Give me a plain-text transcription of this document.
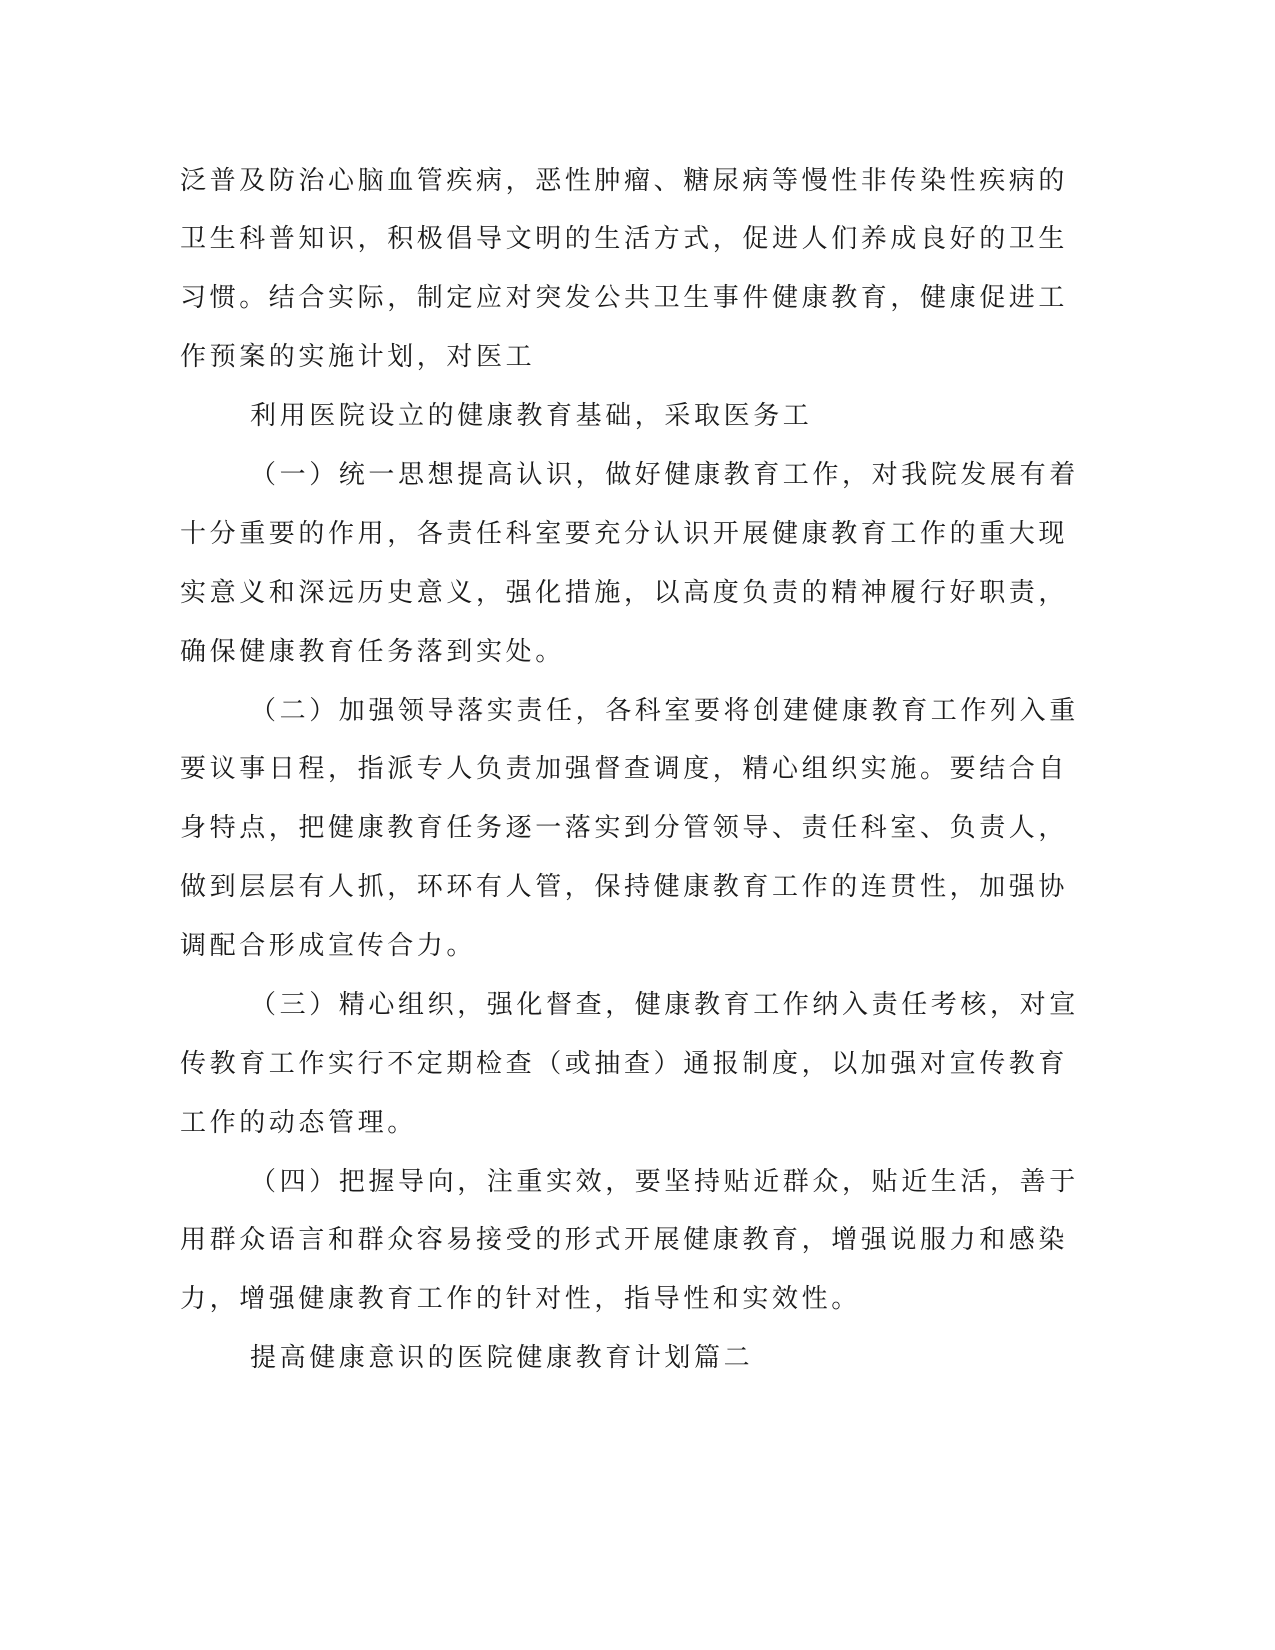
泛普及防治心脑血管疾病，恶性肿瘤、糖尿病等慢性非传染性疾病的
卫生科普知识，积极倡导文明的生活方式，促进人们养成良好的卫生
习惯。结合实际，制定应对突发公共卫生事件健康教育，健康促进工
作预案的实施计划，对医工
利用医院设立的健康教育基础，采取医务工
（一）统一思想提高认识，做好健康教育工作，对我院发展有着
十分重要的作用，各责任科室要充分认识开展健康教育工作的重大现
实意义和深远历史意义，强化措施，以高度负责的精神履行好职责，
确保健康教育任务落到实处。
（二）加强领导落实责任，各科室要将创建健康教育工作列入重
要议事日程，指派专人负责加强督查调度，精心组织实施。要结合自
身特点，把健康教育任务逐一落实到分管领导、责任科室、负责人，
做到层层有人抓，环环有人管，保持健康教育工作的连贯性，加强协
调配合形成宣传合力。
（三）精心组织，强化督查，健康教育工作纳入责任考核，对宣
传教育工作实行不定期检查（或抽查）通报制度，以加强对宣传教育
工作的动态管理。
（四）把握导向，注重实效，要坚持贴近群众，贴近生活，善于
用群众语言和群众容易接受的形式开展健康教育，增强说服力和感染
力，增强健康教育工作的针对性，指导性和实效性。
提高健康意识的医院健康教育计划篇二
